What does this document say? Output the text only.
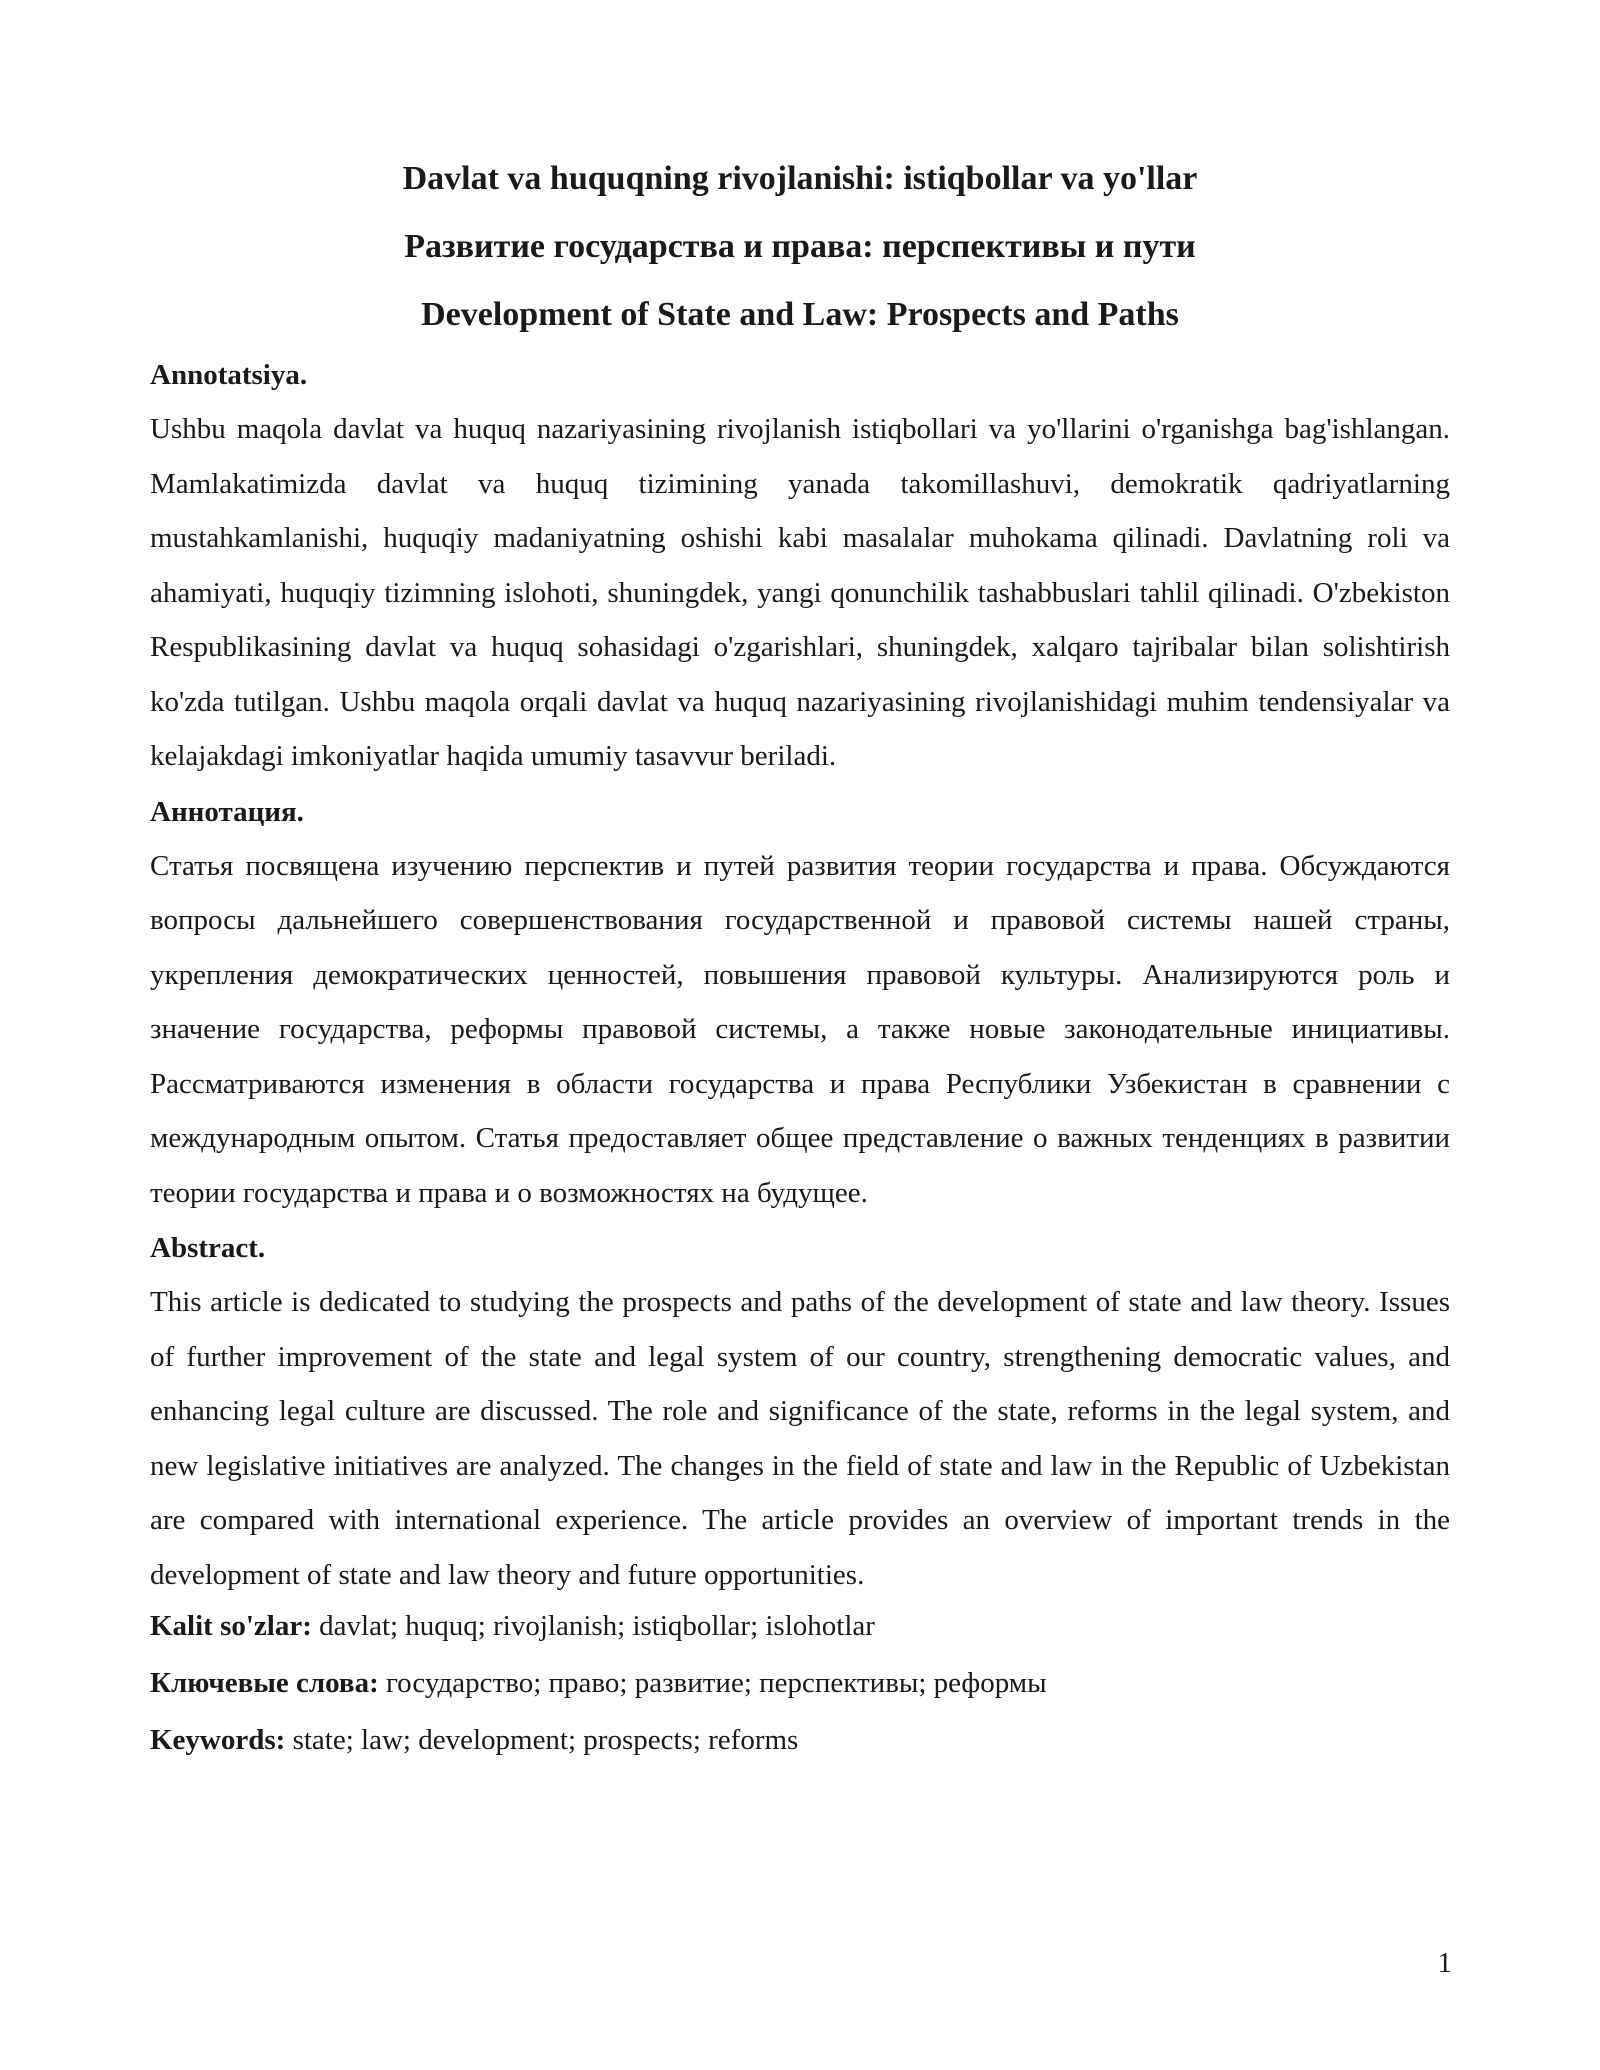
Davlat va huquqning rivojlanishi: istiqbollar va yo'llar

Развитие государства и права: перспективы и пути

Development of State and Law: Prospects and Paths

Annotatsiya.

Ushbu maqola davlat va huquq nazariyasining rivojlanish istiqbollari va yo'llarini o'rganishga bag'ishlangan. Mamlakatimizda davlat va huquq tizimining yanada takomillashuvi, demokratik qadriyatlarning mustahkamlanishi, huquqiy madaniyatning oshishi kabi masalalar muhokama qilinadi. Davlatning roli va ahamiyati, huquqiy tizimning islohoti, shuningdek, yangi qonunchilik tashabbuslari tahlil qilinadi. O'zbekiston Respublikasining davlat va huquq sohasidagi o'zgarishlari, shuningdek, xalqaro tajribalar bilan solishtirish ko'zda tutilgan. Ushbu maqola orqali davlat va huquq nazariyasining rivojlanishidagi muhim tendensiyalar va kelajakdagi imkoniyatlar haqida umumiy tasavvur beriladi.

Аннотация.

Статья посвящена изучению перспектив и путей развития теории государства и права. Обсуждаются вопросы дальнейшего совершенствования государственной и правовой системы нашей страны, укрепления демократических ценностей, повышения правовой культуры. Анализируются роль и значение государства, реформы правовой системы, а также новые законодательные инициативы. Рассматриваются изменения в области государства и права Республики Узбекистан в сравнении с международным опытом. Статья предоставляет общее представление о важных тенденциях в развитии теории государства и права и о возможностях на будущее.

Abstract.

This article is dedicated to studying the prospects and paths of the development of state and law theory. Issues of further improvement of the state and legal system of our country, strengthening democratic values, and enhancing legal culture are discussed. The role and significance of the state, reforms in the legal system, and new legislative initiatives are analyzed. The changes in the field of state and law in the Republic of Uzbekistan are compared with international experience. The article provides an overview of important trends in the development of state and law theory and future opportunities.

Kalit so'zlar: davlat; huquq; rivojlanish; istiqbollar; islohotlar

Ключевые слова: государство; право; развитие; перспективы; реформы

Keywords: state; law; development; prospects; reforms

1
